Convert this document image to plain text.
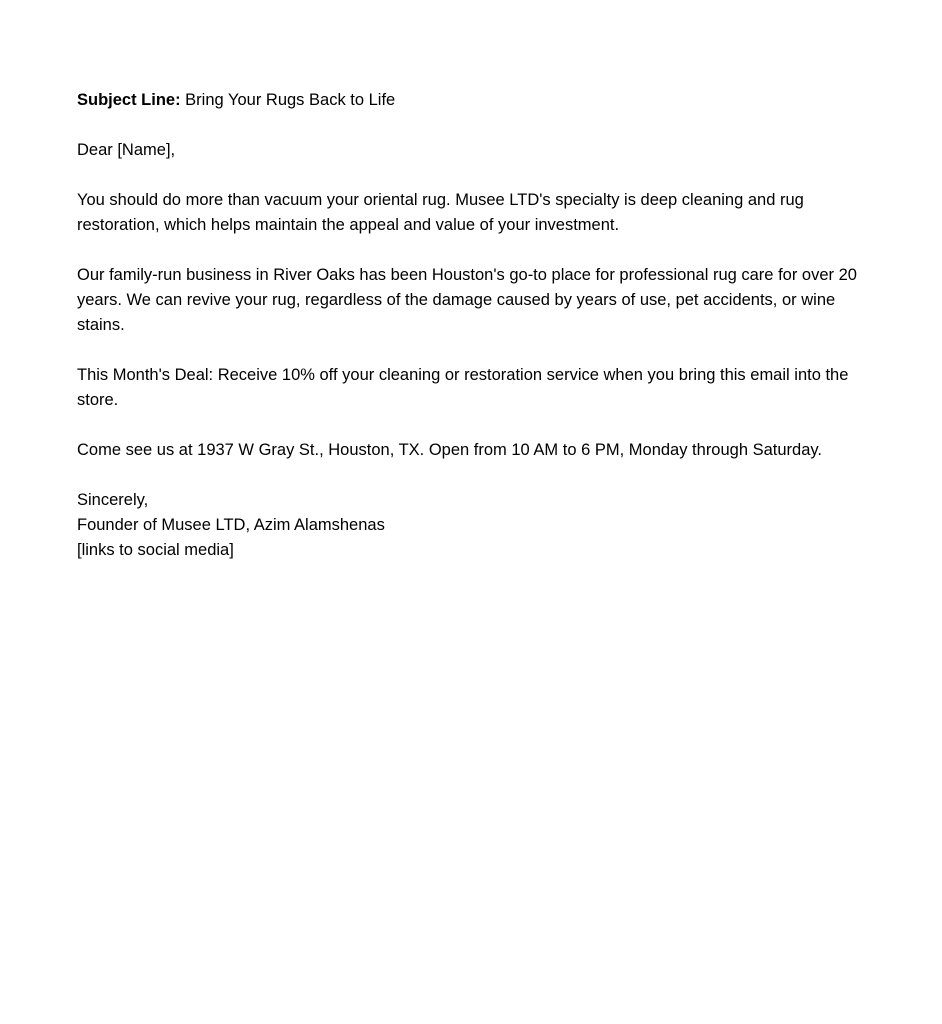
Subject Line: Bring Your Rugs Back to Life

Dear [Name],

You should do more than vacuum your oriental rug. Musee LTD's specialty is deep cleaning and rug restoration, which helps maintain the appeal and value of your investment.

Our family-run business in River Oaks has been Houston's go-to place for professional rug care for over 20 years. We can revive your rug, regardless of the damage caused by years of use, pet accidents, or wine stains.

This Month's Deal: Receive 10% off your cleaning or restoration service when you bring this email into the store.

Come see us at 1937 W Gray St., Houston, TX. Open from 10 AM to 6 PM, Monday through Saturday.

Sincerely,

Founder of Musee LTD, Azim Alamshenas

[links to social media]
